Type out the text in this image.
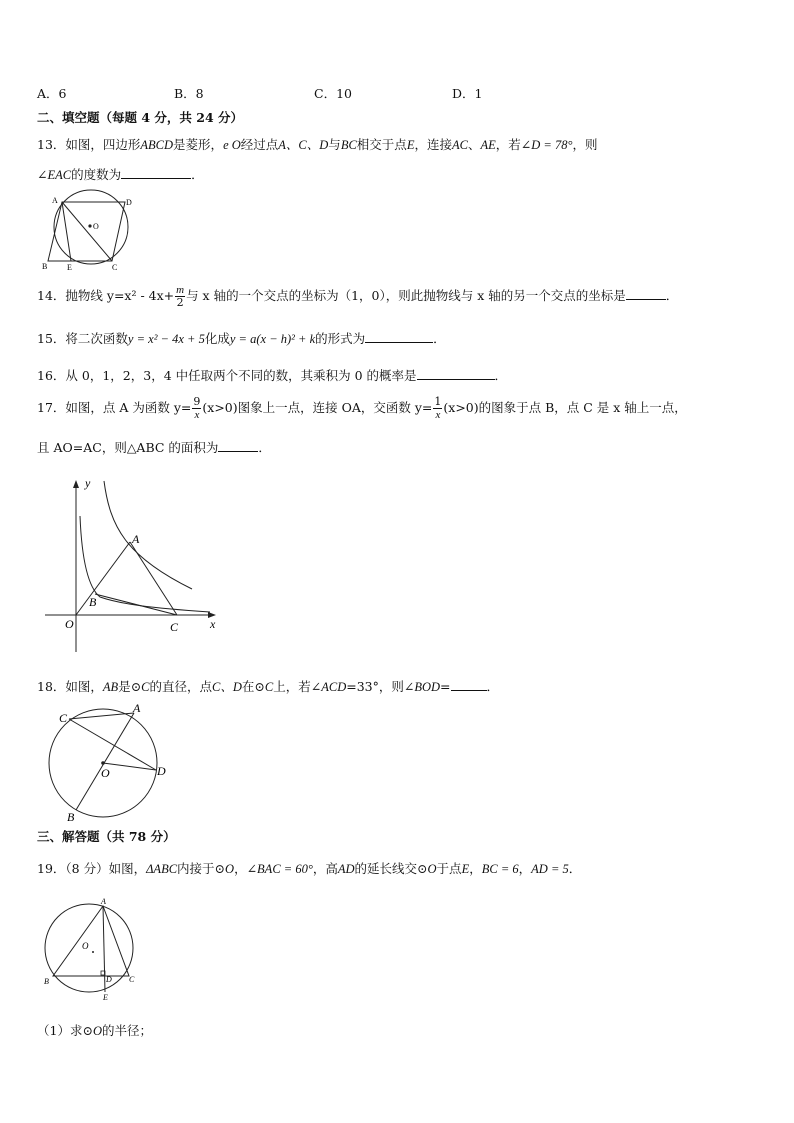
A．6	B．8	C．10	D．1
二、填空题（每题 4 分，共 24 分）
13．如图，四边形ABCD是菱形，e O经过点A、C、D与BC相交于点E，连接AC、AE，若∠D = 78°，则
∠EAC的度数为	．
A	D
O
B E	C
14．抛物线 $y=x^2 - 4x+ \frac{m}{2}$ 与 x 轴的一个交点的坐标为（1，0），则此抛物线与 x 轴的另一个交点的坐标是	．
15．将二次函数y = x² − 4x + 5化成y = a(x − h)² + k的形式为	．
16．从 0，1，2，3，4 中任取两个不同的数，其乘积为 0 的概率是	．
17．如图，点 A 为函数 $y= \frac{9}{x} (x>0)$图象上一点，连接 OA，交函数 $y= \frac{1}{x} (x>0)$的图象于点 B，点 C 是 x 轴上一点，
且 AO=AC，则△ABC 的面积为	．
y
x
O
A
B
C
18．如图，AB是⊙C的直径，点C、D在⊙C上，若∠ACD=33°，则∠BOD=	．
C
A
O	D
B
三、解答题（共 78 分）
19．（8 分）如图，ΔABC内接于⊙O，∠BAC = 60°，高AD的延长线交⊙O于点E，BC = 6，AD = 5．
A
O
B	D C
E
（1）求⊙O的半径；
